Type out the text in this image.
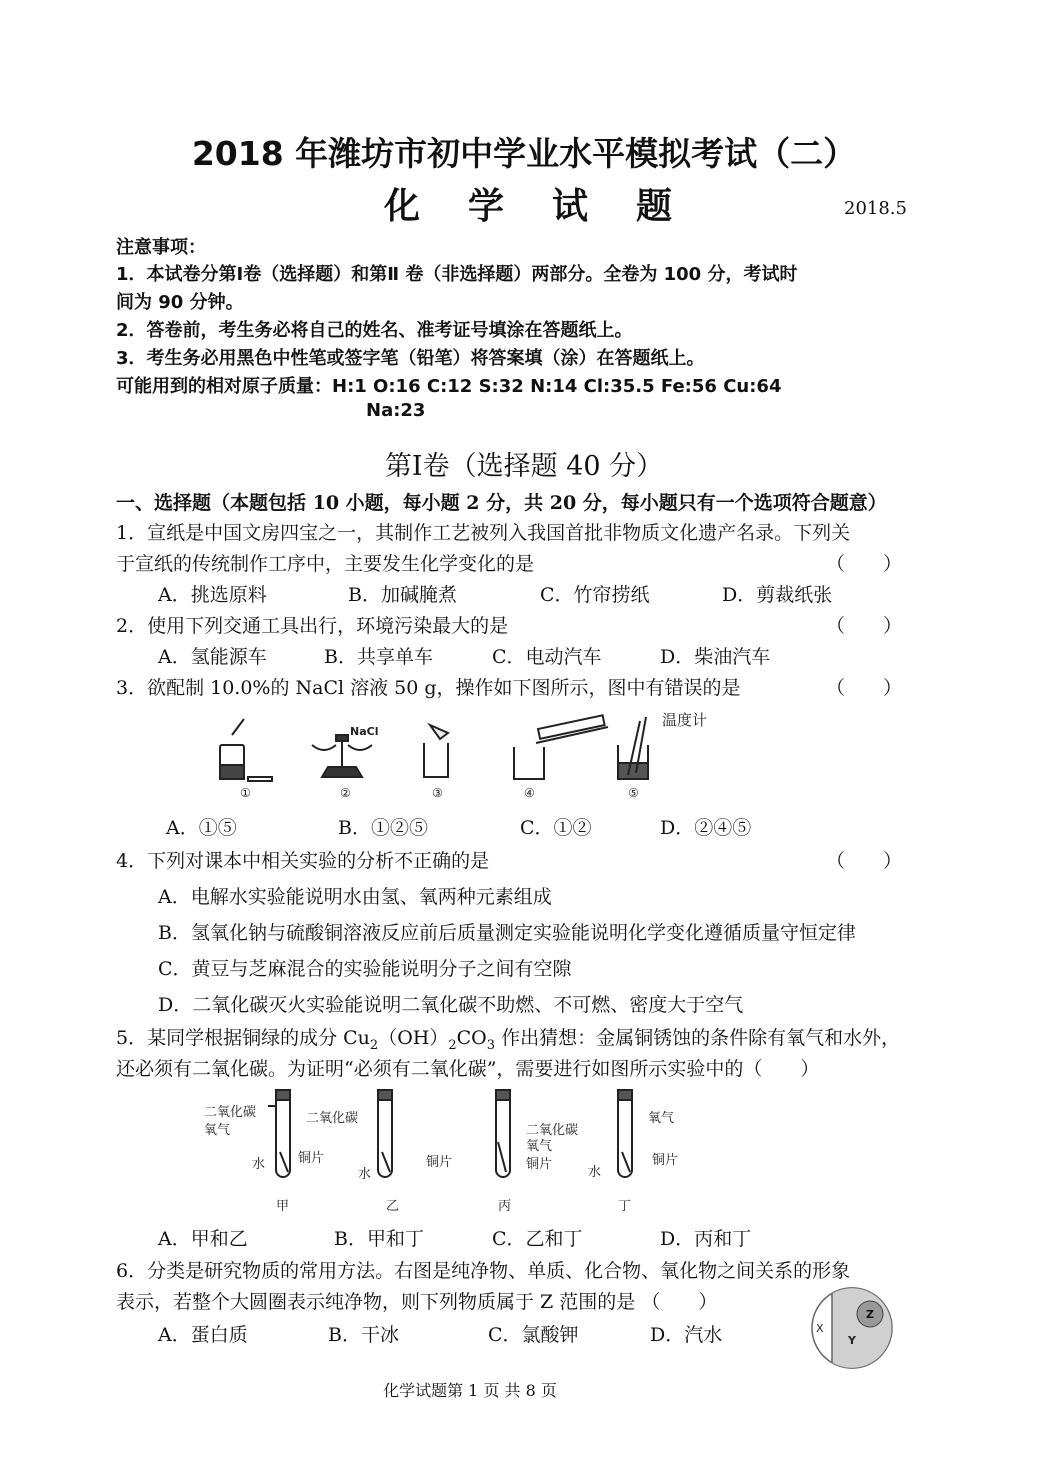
2018 年潍坊市初中学业水平模拟考试（二）
化学试题	2018.5
注意事项：
1．本试卷分第Ⅰ卷（选择题）和第Ⅱ 卷（非选择题）两部分。全卷为 100 分，考试时
间为 90 分钟。
2．答卷前，考生务必将自己的姓名、准考证号填涂在答题纸上。
3．考生务必用黑色中性笔或签字笔（铅笔）将答案填（涂）在答题纸上。
可能用到的相对原子质量：H:1 O:16 C:12 S:32 N:14 Cl:35.5 Fe:56 Cu:64
Na:23
第Ⅰ卷（选择题 40 分）
一、选择题（本题包括 10 小题，每小题 2 分，共 20 分，每小题只有一个选项符合题意）
1．宣纸是中国文房四宝之一，其制作工艺被列入我国首批非物质文化遗产名录。下列关
于宣纸的传统制作工序中，主要发生化学变化的是	（　　）
A．挑选原料	B．加碱腌煮	C．竹帘捞纸	D．剪裁纸张
2．使用下列交通工具出行，环境污染最大的是	（　　）
A．氢能源车	B．共享单车	C．电动汽车	D．柴油汽车
3．欲配制 10.0%的 NaCl 溶液 50 g，操作如下图所示，图中有错误的是	（　　）
NaCl
温度计
①	②	③	④	⑤
A．①⑤	B．①②⑤	C．①②	D．②④⑤
4．下列对课本中相关实验的分析不正确的是	（　　）
A．电解水实验能说明水由氢、氧两种元素组成
B．氢氧化钠与硫酸铜溶液反应前后质量测定实验能说明化学变化遵循质量守恒定律
C．黄豆与芝麻混合的实验能说明分子之间有空隙
D．二氧化碳灭火实验能说明二氧化碳不助燃、不可燃、密度大于空气
5．某同学根据铜绿的成分 $Cu_2(OH)_2CO_3$ 作出猜想：金属铜锈蚀的条件除有氧气和水外，
还必须有二氧化碳。为证明“必须有二氧化碳”，需要进行如图所示实验中的（　　）
二氧化碳
氧气
铜片
水
二氧化碳
铜片
水
二氧化碳
氧气
铜片
氧气
铜片
水
甲	乙	丙	丁
A．甲和乙	B．甲和丁	C．乙和丁	D．丙和丁
6．分类是研究物质的常用方法。右图是纯净物、单质、化合物、氧化物之间关系的形象
表示，若整个大圆圈表示纯净物，则下列物质属于 Z 范围的是 （　　）
A．蛋白质	B．干冰	C．氯酸钾	D．汽水	X
Y
Z
化学试题第 1 页 共 8 页
